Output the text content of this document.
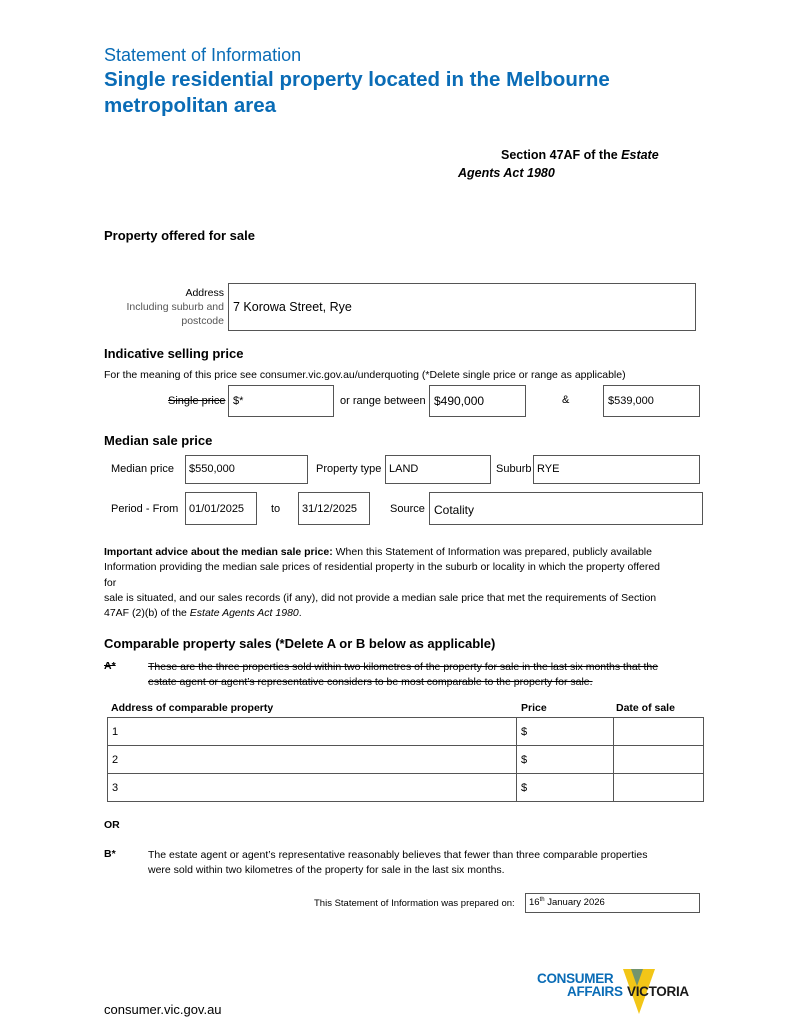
Statement of Information
Single residential property located in the Melbourne
metropolitan area
Section 47AF of the Estate
Agents Act 1980
Property offered for sale
Address
Including suburb and
postcode
7 Korowa Street, Rye
Indicative selling price
For the meaning of this price see consumer.vic.gov.au/underquoting (*Delete single price or range as applicable)
Single price $*	or range between $490,000	&	$539,000
Median sale price
Median price $550,000	Property type LAND	Suburb RYE
Period - From 01/01/2025 to 31/12/2025	Source Cotality
Important advice about the median sale price: When this Statement of Information was prepared, publicly available
Information providing the median sale prices of residential property in the suburb or locality in which the property offered
for
sale is situated, and our sales records (if any), did not provide a median sale price that met the requirements of Section
47AF (2)(b) of the Estate Agents Act 1980.
Comparable property sales (*Delete A or B below as applicable)
A*	These are the three properties sold within two kilometres of the property for sale in the last six months that the
estate agent or agent’s representative considers to be most comparable to the property for sale.
Address of comparable property	Price	Date of sale
1	$	
2	$	
3	$	
OR
B*	The estate agent or agent’s representative reasonably believes that fewer than three comparable properties
were sold within two kilometres of the property for sale in the last six months.
This Statement of Information was prepared on: 16th January 2026
consumer.vic.gov.au
CONSUMER
AFFAIRS VICTORIA
